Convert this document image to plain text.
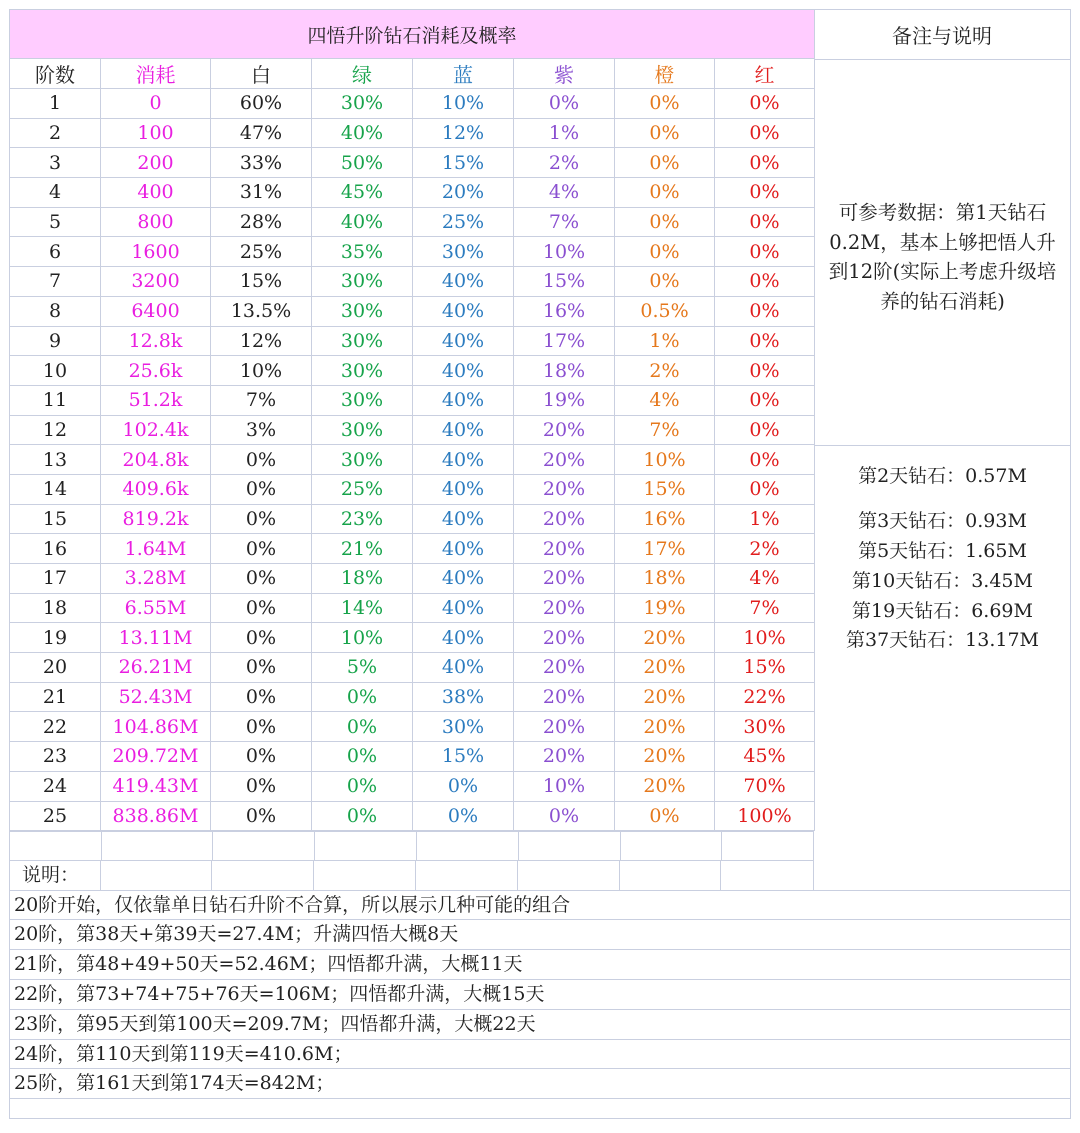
四悟升阶钻石消耗及概率							
阶数	消耗	白	绿	蓝	紫	橙	红
1	0	60%	30%	10%	0%	0%	0%
2	100	47%	40%	12%	1%	0%	0%
3	200	33%	50%	15%	2%	0%	0%
4	400	31%	45%	20%	4%	0%	0%
5	800	28%	40%	25%	7%	0%	0%
6	1600	25%	35%	30%	10%	0%	0%
7	3200	15%	30%	40%	15%	0%	0%
8	6400	13.5%	30%	40%	16%	0.5%	0%
9	12.8k	12%	30%	40%	17%	1%	0%
10	25.6k	10%	30%	40%	18%	2%	0%
11	51.2k	7%	30%	40%	19%	4%	0%
12	102.4k	3%	30%	40%	20%	7%	0%
13	204.8k	0%	30%	40%	20%	10%	0%
14	409.6k	0%	25%	40%	20%	15%	0%
15	819.2k	0%	23%	40%	20%	16%	1%
16	1.64M	0%	21%	40%	20%	17%	2%
17	3.28M	0%	18%	40%	20%	18%	4%
18	6.55M	0%	14%	40%	20%	19%	7%
19	13.11M	0%	10%	40%	20%	20%	10%
20	26.21M	0%	5%	40%	20%	20%	15%
21	52.43M	0%	0%	38%	20%	20%	22%
22	104.86M	0%	0%	30%	20%	20%	30%
23	209.72M	0%	0%	15%	20%	20%	45%
24	419.43M	0%	0%	0%	10%	20%	70%
25	838.86M	0%	0%	0%	0%	0%	100%
备注与说明
可参考数据：第1天钻石0.2M，基本上够把悟人升到12阶(实际上考虑升级培养的钻石消耗)
第2天钻石：0.57M
第3天钻石：0.93M
第5天钻石：1.65M
第10天钻石：3.45M
第19天钻石：6.69M
第37天钻石：13.17M
说明：
20阶开始，仅依靠单日钻石升阶不合算，所以展示几种可能的组合
20阶，第38天+第39天=27.4M；升满四悟大概8天
21阶，第48+49+50天=52.46M；四悟都升满，大概11天
22阶，第73+74+75+76天=106M；四悟都升满，大概15天
23阶，第95天到第100天=209.7M；四悟都升满，大概22天
24阶，第110天到第119天=410.6M；
25阶，第161天到第174天=842M；
